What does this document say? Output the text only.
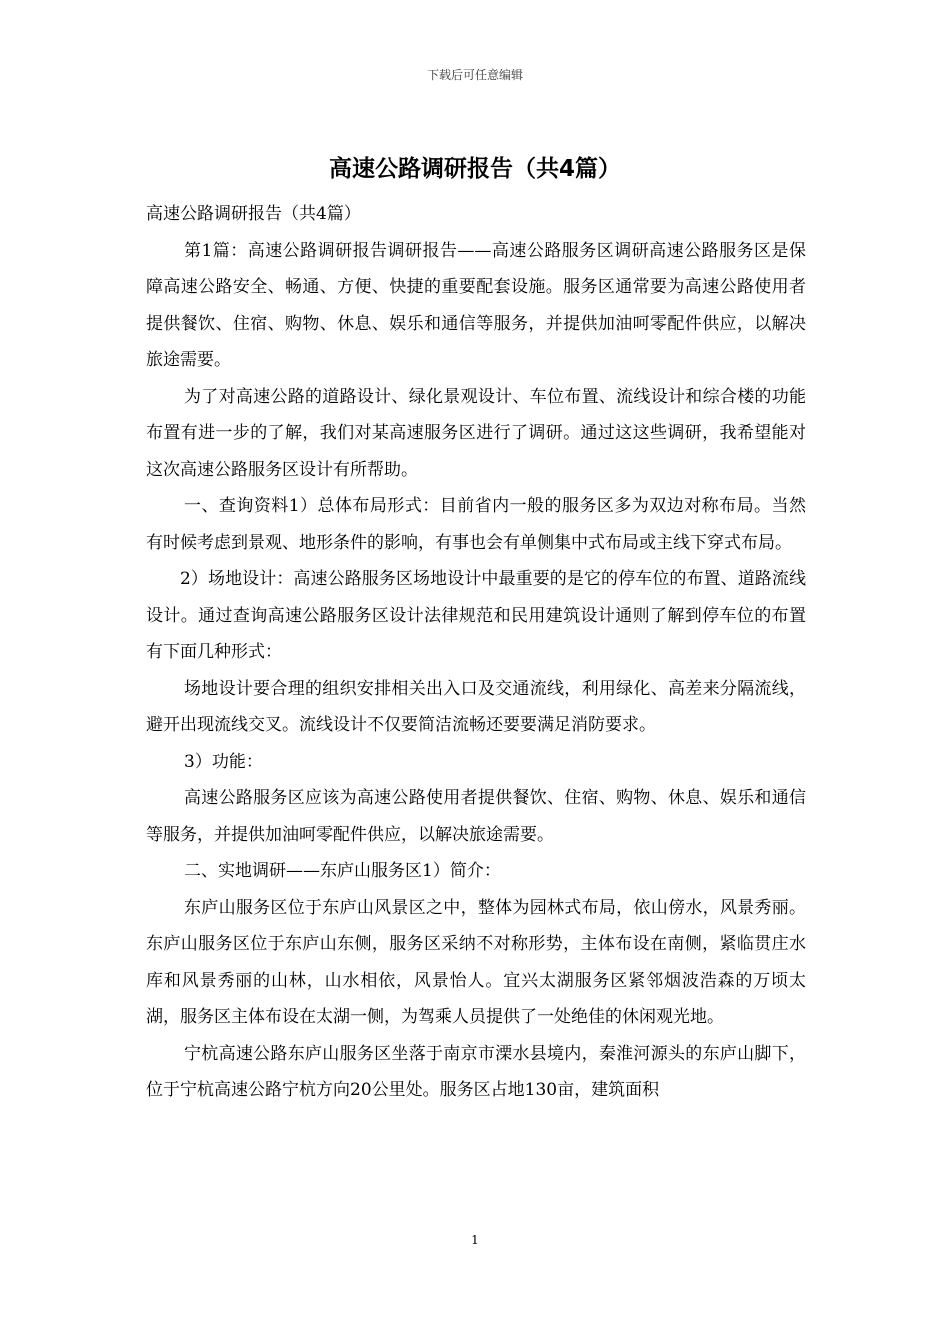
下载后可任意编辑
高速公路调研报告（共4篇）

高速公路调研报告（共4篇）

第1篇：高速公路调研报告调研报告——高速公路服务区调研高速公路服务区是保障高速公路安全、畅通、方便、快捷的重要配套设施。服务区通常要为高速公路使用者提供餐饮、住宿、购物、休息、娱乐和通信等服务，并提供加油呵零配件供应，以解决旅途需要。

为了对高速公路的道路设计、绿化景观设计、车位布置、流线设计和综合楼的功能布置有进一步的了解，我们对某高速服务区进行了调研。通过这这些调研，我希望能对这次高速公路服务区设计有所帮助。

一、查询资料1）总体布局形式：目前省内一般的服务区多为双边对称布局。当然有时候考虑到景观、地形条件的影响，有事也会有单侧集中式布局或主线下穿式布局。

2）场地设计：高速公路服务区场地设计中最重要的是它的停车位的布置、道路流线设计。通过查询高速公路服务区设计法律规范和民用建筑设计通则了解到停车位的布置有下面几种形式：

场地设计要合理的组织安排相关出入口及交通流线，利用绿化、高差来分隔流线，避开出现流线交叉。流线设计不仅要简洁流畅还要要满足消防要求。

3）功能：

高速公路服务区应该为高速公路使用者提供餐饮、住宿、购物、休息、娱乐和通信等服务，并提供加油呵零配件供应，以解决旅途需要。

二、实地调研——东庐山服务区1）简介：

东庐山服务区位于东庐山风景区之中，整体为园林式布局，依山傍水，风景秀丽。东庐山服务区位于东庐山东侧，服务区采纳不对称形势，主体布设在南侧，紧临贯庄水库和风景秀丽的山林，山水相依，风景怡人。宜兴太湖服务区紧邻烟波浩森的万顷太湖，服务区主体布设在太湖一侧，为驾乘人员提供了一处绝佳的休闲观光地。

宁杭高速公路东庐山服务区坐落于南京市溧水县境内，秦淮河源头的东庐山脚下，位于宁杭高速公路宁杭方向20公里处。服务区占地130亩，建筑面积

1
